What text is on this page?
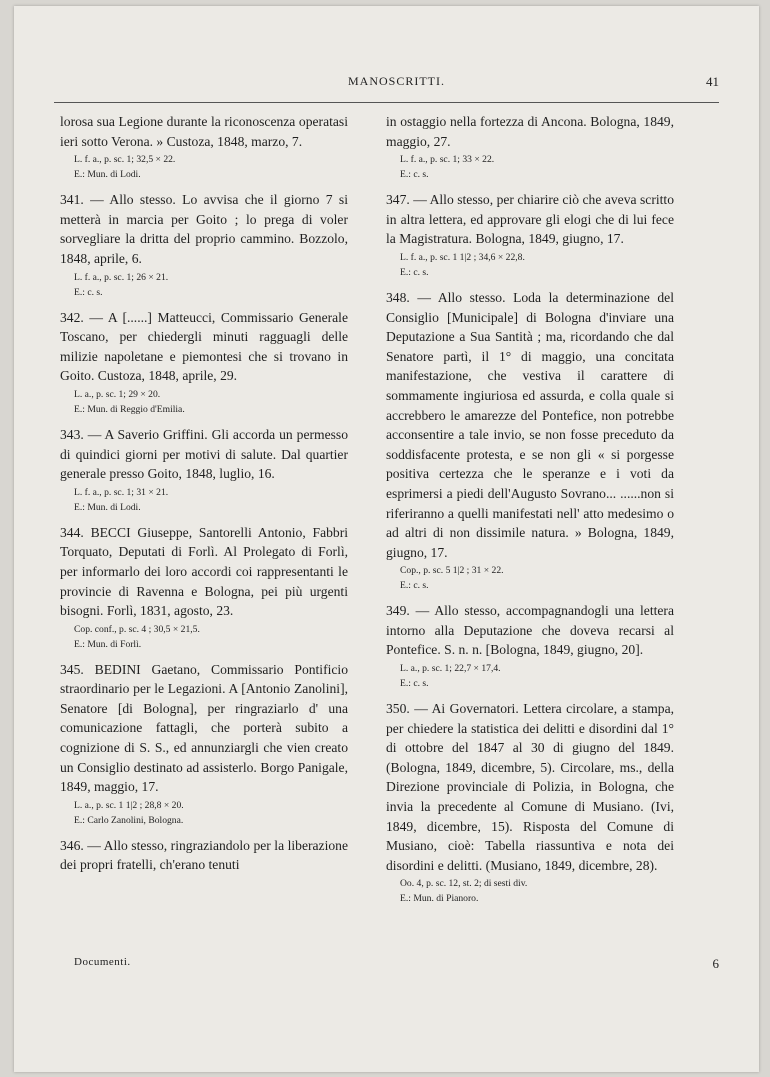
MANOSCRITTI.	41

lorosa sua Legione durante la riconoscenza operatasi ieri sotto Verona. » Custoza, 1848, marzo, 7.

L. f. a., p. sc. 1; 32,5 × 22.
E.: Mun. di Lodi.

341. — Allo stesso. Lo avvisa che il giorno 7 si metterà in marcia per Goito ; lo prega di voler sorvegliare la dritta del proprio cammino. Bozzolo, 1848, aprile, 6.

L. f. a., p. sc. 1; 26 × 21.
E.: c. s.

342. — A [......] Matteucci, Commissario Generale Toscano, per chiedergli minuti ragguagli delle milizie napoletane e piemontesi che si trovano in Goito. Custoza, 1848, aprile, 29.

L. a., p. sc. 1; 29 × 20.
E.: Mun. di Reggio d'Emilia.

343. — A Saverio Griffini. Gli accorda un permesso di quindici giorni per motivi di salute. Dal quartier generale presso Goito, 1848, luglio, 16.

L. f. a., p. sc. 1; 31 × 21.
E.: Mun. di Lodi.

344. BECCI Giuseppe, Santorelli Antonio, Fabbri Torquato, Deputati di Forlì. Al Prolegato di Forlì, per informarlo dei loro accordi coi rappresentanti le provincie di Ravenna e Bologna, pei più urgenti bisogni. Forlì, 1831, agosto, 23.

Cop. conf., p. sc. 4 ; 30,5 × 21,5.
E.: Mun. di Forlì.

345. BEDINI Gaetano, Commissario Pontificio straordinario per le Legazioni. A [Antonio Zanolini], Senatore [di Bologna], per ringraziarlo d' una comunicazione fattagli, che porterà subito a cognizione di S. S., ed annunziargli che vien creato un Consiglio destinato ad assisterlo. Borgo Panigale, 1849, maggio, 17.

L. a., p. sc. 1 1|2 ; 28,8 × 20.
E.: Carlo Zanolini, Bologna.

346. — Allo stesso, ringraziandolo per la liberazione dei propri fratelli, ch'erano tenuti

in ostaggio nella fortezza di Ancona. Bologna, 1849, maggio, 27.

L. f. a., p. sc. 1; 33 × 22.
E.: c. s.

347. — Allo stesso, per chiarire ciò che aveva scritto in altra lettera, ed approvare gli elogi che di lui fece la Magistratura. Bologna, 1849, giugno, 17.

L. f. a., p. sc. 1 1|2 ; 34,6 × 22,8.
E.: c. s.

348. — Allo stesso. Loda la determinazione del Consiglio [Municipale] di Bologna d'inviare una Deputazione a Sua Santità ; ma, ricordando che dal Senatore partì, il 1° di maggio, una concitata manifestazione, che vestiva il carattere di sommamente ingiuriosa ed assurda, e colla quale si accrebbero le amarezze del Pontefice, non potrebbe acconsentire a tale invio, se non fosse preceduto da soddisfacente protesta, e se non gli « si porgesse positiva certezza che le speranze e i voti da esprimersi a piedi dell'Augusto Sovrano... ......non si riferiranno a quelli manifestati nell' atto medesimo o ad altri di non dissimile natura. » Bologna, 1849, giugno, 17.

Cop., p. sc. 5 1|2 ; 31 × 22.
E.: c. s.

349. — Allo stesso, accompagnandogli una lettera intorno alla Deputazione che doveva recarsi al Pontefice. S. n. n. [Bologna, 1849, giugno, 20].

L. a., p. sc. 1; 22,7 × 17,4.
E.: c. s.

350. — Ai Governatori. Lettera circolare, a stampa, per chiedere la statistica dei delitti e disordini dal 1° di ottobre del 1847 al 30 di giugno del 1849. (Bologna, 1849, dicembre, 5). Circolare, ms., della Direzione provinciale di Polizia, in Bologna, che invia la precedente al Comune di Musiano. (Ivi, 1849, dicembre, 15). Risposta del Comune di Musiano, cioè: Tabella riassuntiva e nota dei disordini e delitti. (Musiano, 1849, dicembre, 28).

Oo. 4, p. sc. 12, st. 2; di sesti div.
E.: Mun. di Pianoro.
Documenti.	6
